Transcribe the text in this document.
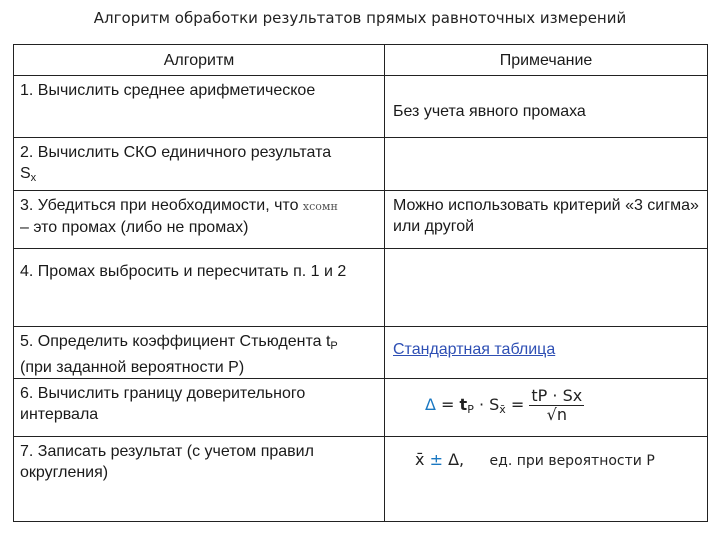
Алгоритм обработки результатов прямых равноточных измерений
Алгоритм	Примечание
1. Вычислить среднее арифметическое	Без учета явного промаха
2. Вычислить СКО единичного результата
$S_x$	
3. Убедиться при необходимости, что xсомн
– это промах (либо не промах)	Можно использовать критерий «3 сигма» или другой
4. Промах выбросить и пересчитать п. 1 и 2	
5. Определить коэффициент Стьюдента $t_P$
(при заданной вероятности P)	Стандартная таблица
6. Вычислить границу доверительного интервала	$\Delta = t_P \cdot S_{x̄} = \frac{tP \cdot Sx}{√n}$

7. Записать результат (с учетом правил округления)	x̄ ± Δ, ед. при вероятности P
